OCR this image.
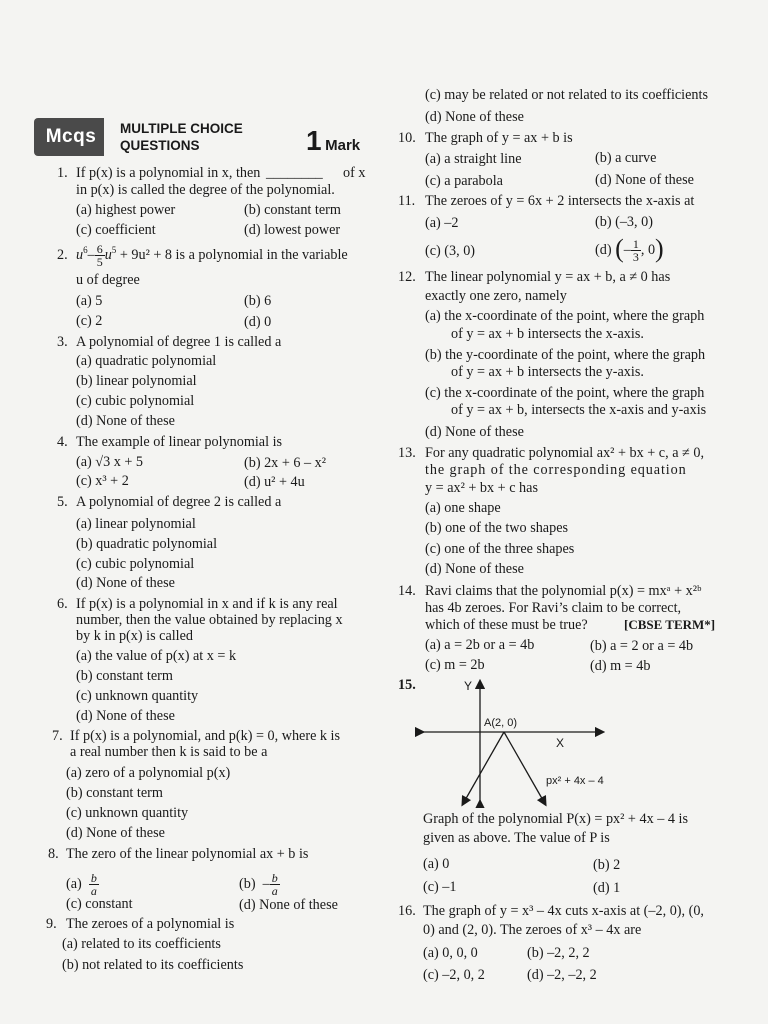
Mcqs MULTIPLE CHOICE
QUESTIONS	1 Mark
1. If p(x) is a polynomial in x, then ________ of x
in p(x) is called the degree of the polynomial.
(a) highest power	(b) constant term
(c) coefficient	(d) lowest power
2. $u^6- \frac{6}{5} u^5 + 9u^2 + 8$ is a polynomial in the variable
u of degree
(a) 5	(b) 6
(c) 2	(d) 0
3. A polynomial of degree 1 is called a
(a) quadratic polynomial
(b) linear polynomial
(c) cubic polynomial
(d) None of these
4. The example of linear polynomial is
(a) √3 x + 5	(b) 2x + 6 – x²
(c) x³ + 2	(d) u² + 4u
5. A polynomial of degree 2 is called a
(a) linear polynomial
(b) quadratic polynomial
(c) cubic polynomial
(d) None of these
6. If p(x) is a polynomial in x and if k is any real
number, then the value obtained by replacing x
by k in p(x) is called
(a) the value of p(x) at x = k
(b) constant term
(c) unknown quantity
(d) None of these
7. If p(x) is a polynomial, and p(k) = 0, where k is
a real number then k is said to be a
(a) zero of a polynomial p(x)
(b) constant term
(c) unknown quantity
(d) None of these
8. The zero of the linear polynomial ax + b is
$(a) \frac{b}{a}$	$(b) - \frac{b}{a}$
(c) constant	(d) None of these
9. The zeroes of a polynomial is
(a) related to its coefficients
(b) not related to its coefficients
(c) may be related or not related to its coefficients
(d) None of these
10. The graph of y = ax + b is
(a) a straight line	(b) a curve
(c) a parabola	(d) None of these
11. The zeroes of y = 6x + 2 intersects the x-axis at
(a) –2	(b) (–3, 0)
(c) (3, 0)	(d) (– $\frac{1}{3}$ , 0)
12. The linear polynomial y = ax + b, a ≠ 0 has
exactly one zero, namely
(a) the x-coordinate of the point, where the graph
of y = ax + b intersects the x-axis.
(b) the y-coordinate of the point, where the graph
of y = ax + b intersects the y-axis.
(c) the x-coordinate of the point, where the graph
of y = ax + b, intersects the x-axis and y-axis
(d) None of these
13. For any quadratic polynomial ax² + bx + c, a ≠ 0,
the graph of the corresponding equation
y = ax² + bx + c has
(a) one shape
(b) one of the two shapes
(c) one of the three shapes
(d) None of these
14. Ravi claims that the polynomial p(x) = mxᵃ + x²ᵇ
has 4b zeroes. For Ravi’s claim to be correct,
which of these must be true?	[CBSE TERM*]
(a) a = 2b or a = 4b	(b) a = 2 or a = 4b
(c) m = 2b	(d) m = 4b
15.	Y
A(2, 0)
X
px² + 4x – 4
Graph of the polynomial P(x) = px² + 4x – 4 is
given as above. The value of P is
(a) 0	(b) 2
(c) –1	(d) 1
16. The graph of y = x³ – 4x cuts x-axis at (–2, 0), (0,
0) and (2, 0). The zeroes of x³ – 4x are
(a) 0, 0, 0	(b) –2, 2, 2
(c) –2, 0, 2	(d) –2, –2, 2
